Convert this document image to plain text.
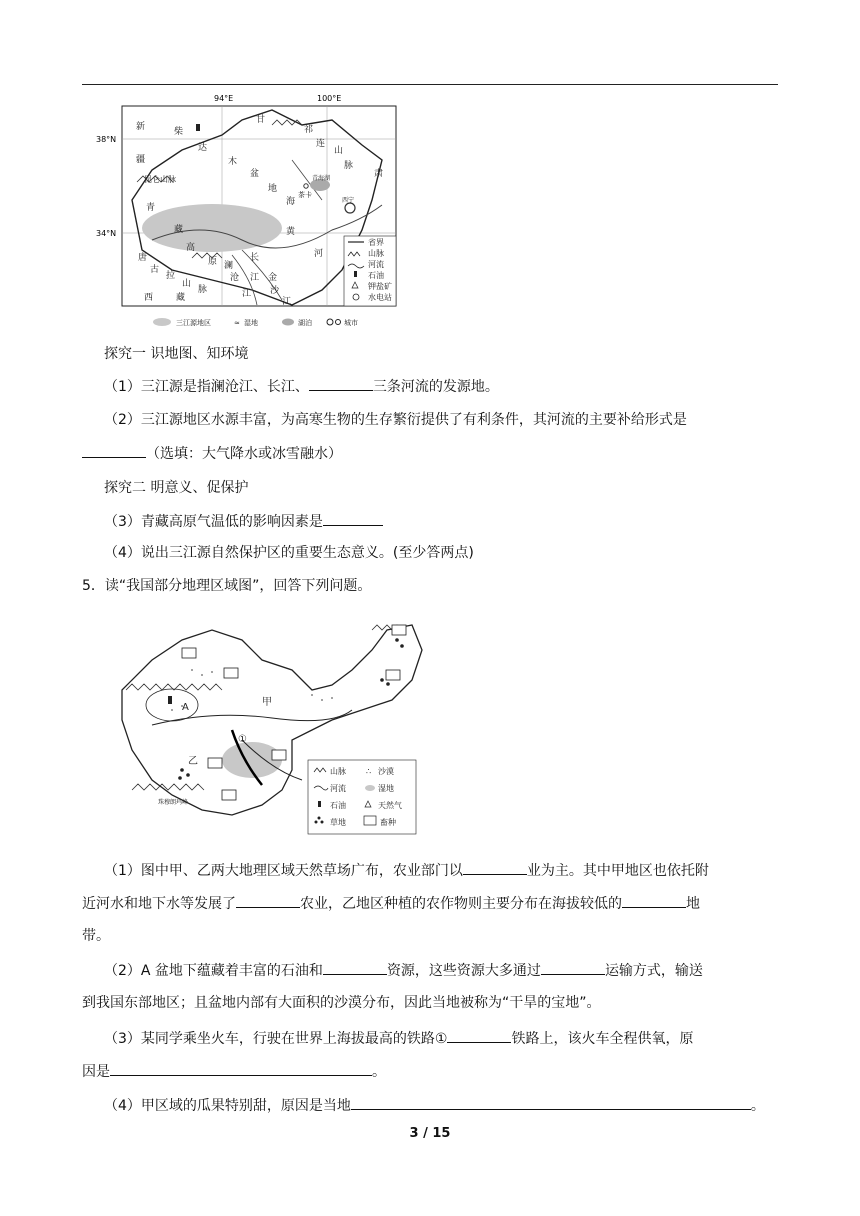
94°E	100°E
38°N
34°N
新
疆
柴
达
木
盆
地
甘
祁
连
山
肃
脉
昆仑山脉
青
海
青海湖
茶卡
西宁
藏
高
原
黄
河
唐
古
拉
山
脉
长
江
澜
沧
江
金
沙
江
西	藏
省界
山脉
河流
石油
钾盐矿
水电站
三江源地区	≈ 湿地	湖泊	城市
探究一 识地图、知环境
（1）三江源是指澜沧江、长江、	三条河流的发源地。
（2）三江源地区水源丰富，为高寒生物的生存繁衍提供了有利条件，其河流的主要补给形式是
（选填：大气降水或冰雪融水）
探究二 明意义、促保护
（3）青藏高原气温低的影响因素是
（4）说出三江源自然保护区的重要生态意义。(至少答两点)
5．读“我国部分地理区域图”，回答下列问题。
A	甲
乙
①
珠穆朗玛峰
山脉	∴ 沙漠
河流	湿地
石油	天然气
草地	畜种
（1）图中甲、乙两大地理区域天然草场广布，农业部门以	业为主。其中甲地区也依托附
近河水和地下水等发展了	农业，乙地区种植的农作物则主要分布在海拔较低的	地
带。
（2）A 盆地下蕴藏着丰富的石油和	资源，这些资源大多通过	运输方式，输送
到我国东部地区；且盆地内部有大面积的沙漠分布，因此当地被称为“干旱的宝地”。
（3）某同学乘坐火车，行驶在世界上海拔最高的铁路①	铁路上，该火车全程供氧，原
因是	。
（4）甲区域的瓜果特别甜，原因是当地	。
3 / 15
